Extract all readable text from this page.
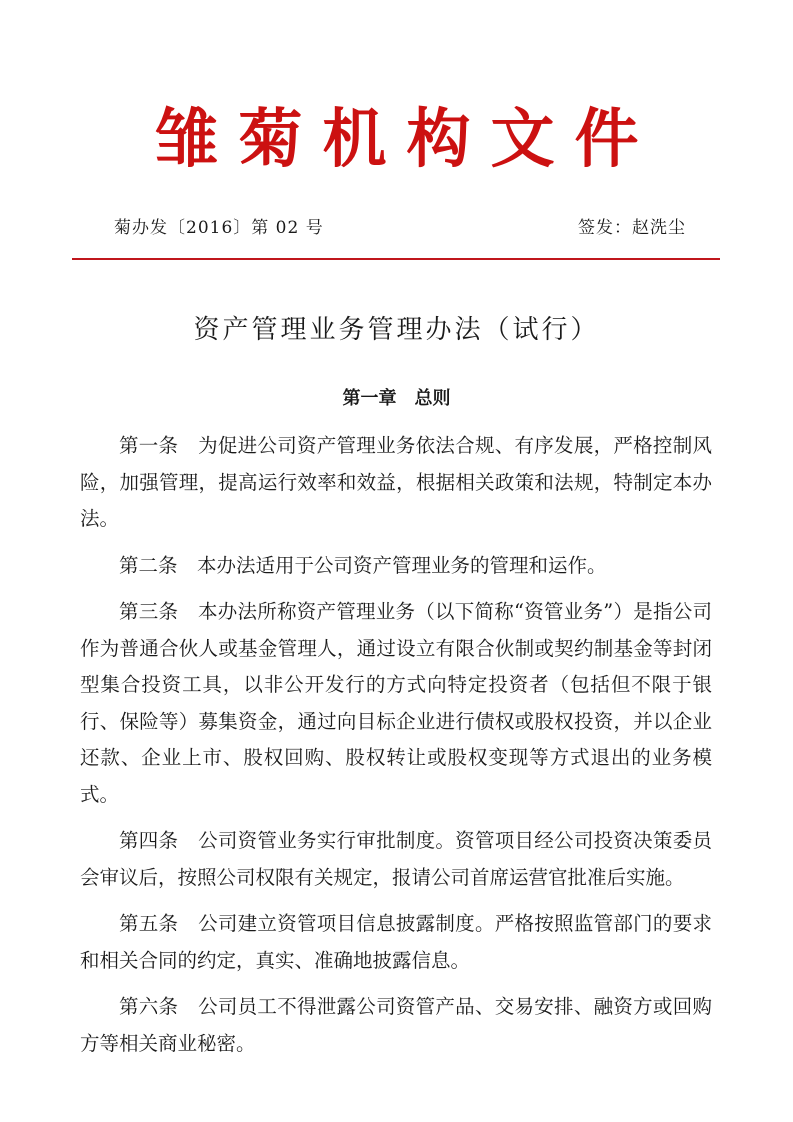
雏菊机构文件
菊办发〔2016〕第 02 号	签发：赵洗尘
资产管理业务管理办法（试行）
第一章　总则

第一条　为促进公司资产管理业务依法合规、有序发展，严格控制风险，加强管理，提高运行效率和效益，根据相关政策和法规，特制定本办法。

第二条　本办法适用于公司资产管理业务的管理和运作。

第三条　本办法所称资产管理业务（以下简称“资管业务”）是指公司作为普通合伙人或基金管理人，通过设立有限合伙制或契约制基金等封闭型集合投资工具，以非公开发行的方式向特定投资者（包括但不限于银行、保险等）募集资金，通过向目标企业进行债权或股权投资，并以企业还款、企业上市、股权回购、股权转让或股权变现等方式退出的业务模式。

第四条　公司资管业务实行审批制度。资管项目经公司投资决策委员会审议后，按照公司权限有关规定，报请公司首席运营官批准后实施。

第五条　公司建立资管项目信息披露制度。严格按照监管部门的要求和相关合同的约定，真实、准确地披露信息。

第六条　公司员工不得泄露公司资管产品、交易安排、融资方或回购方等相关商业秘密。
